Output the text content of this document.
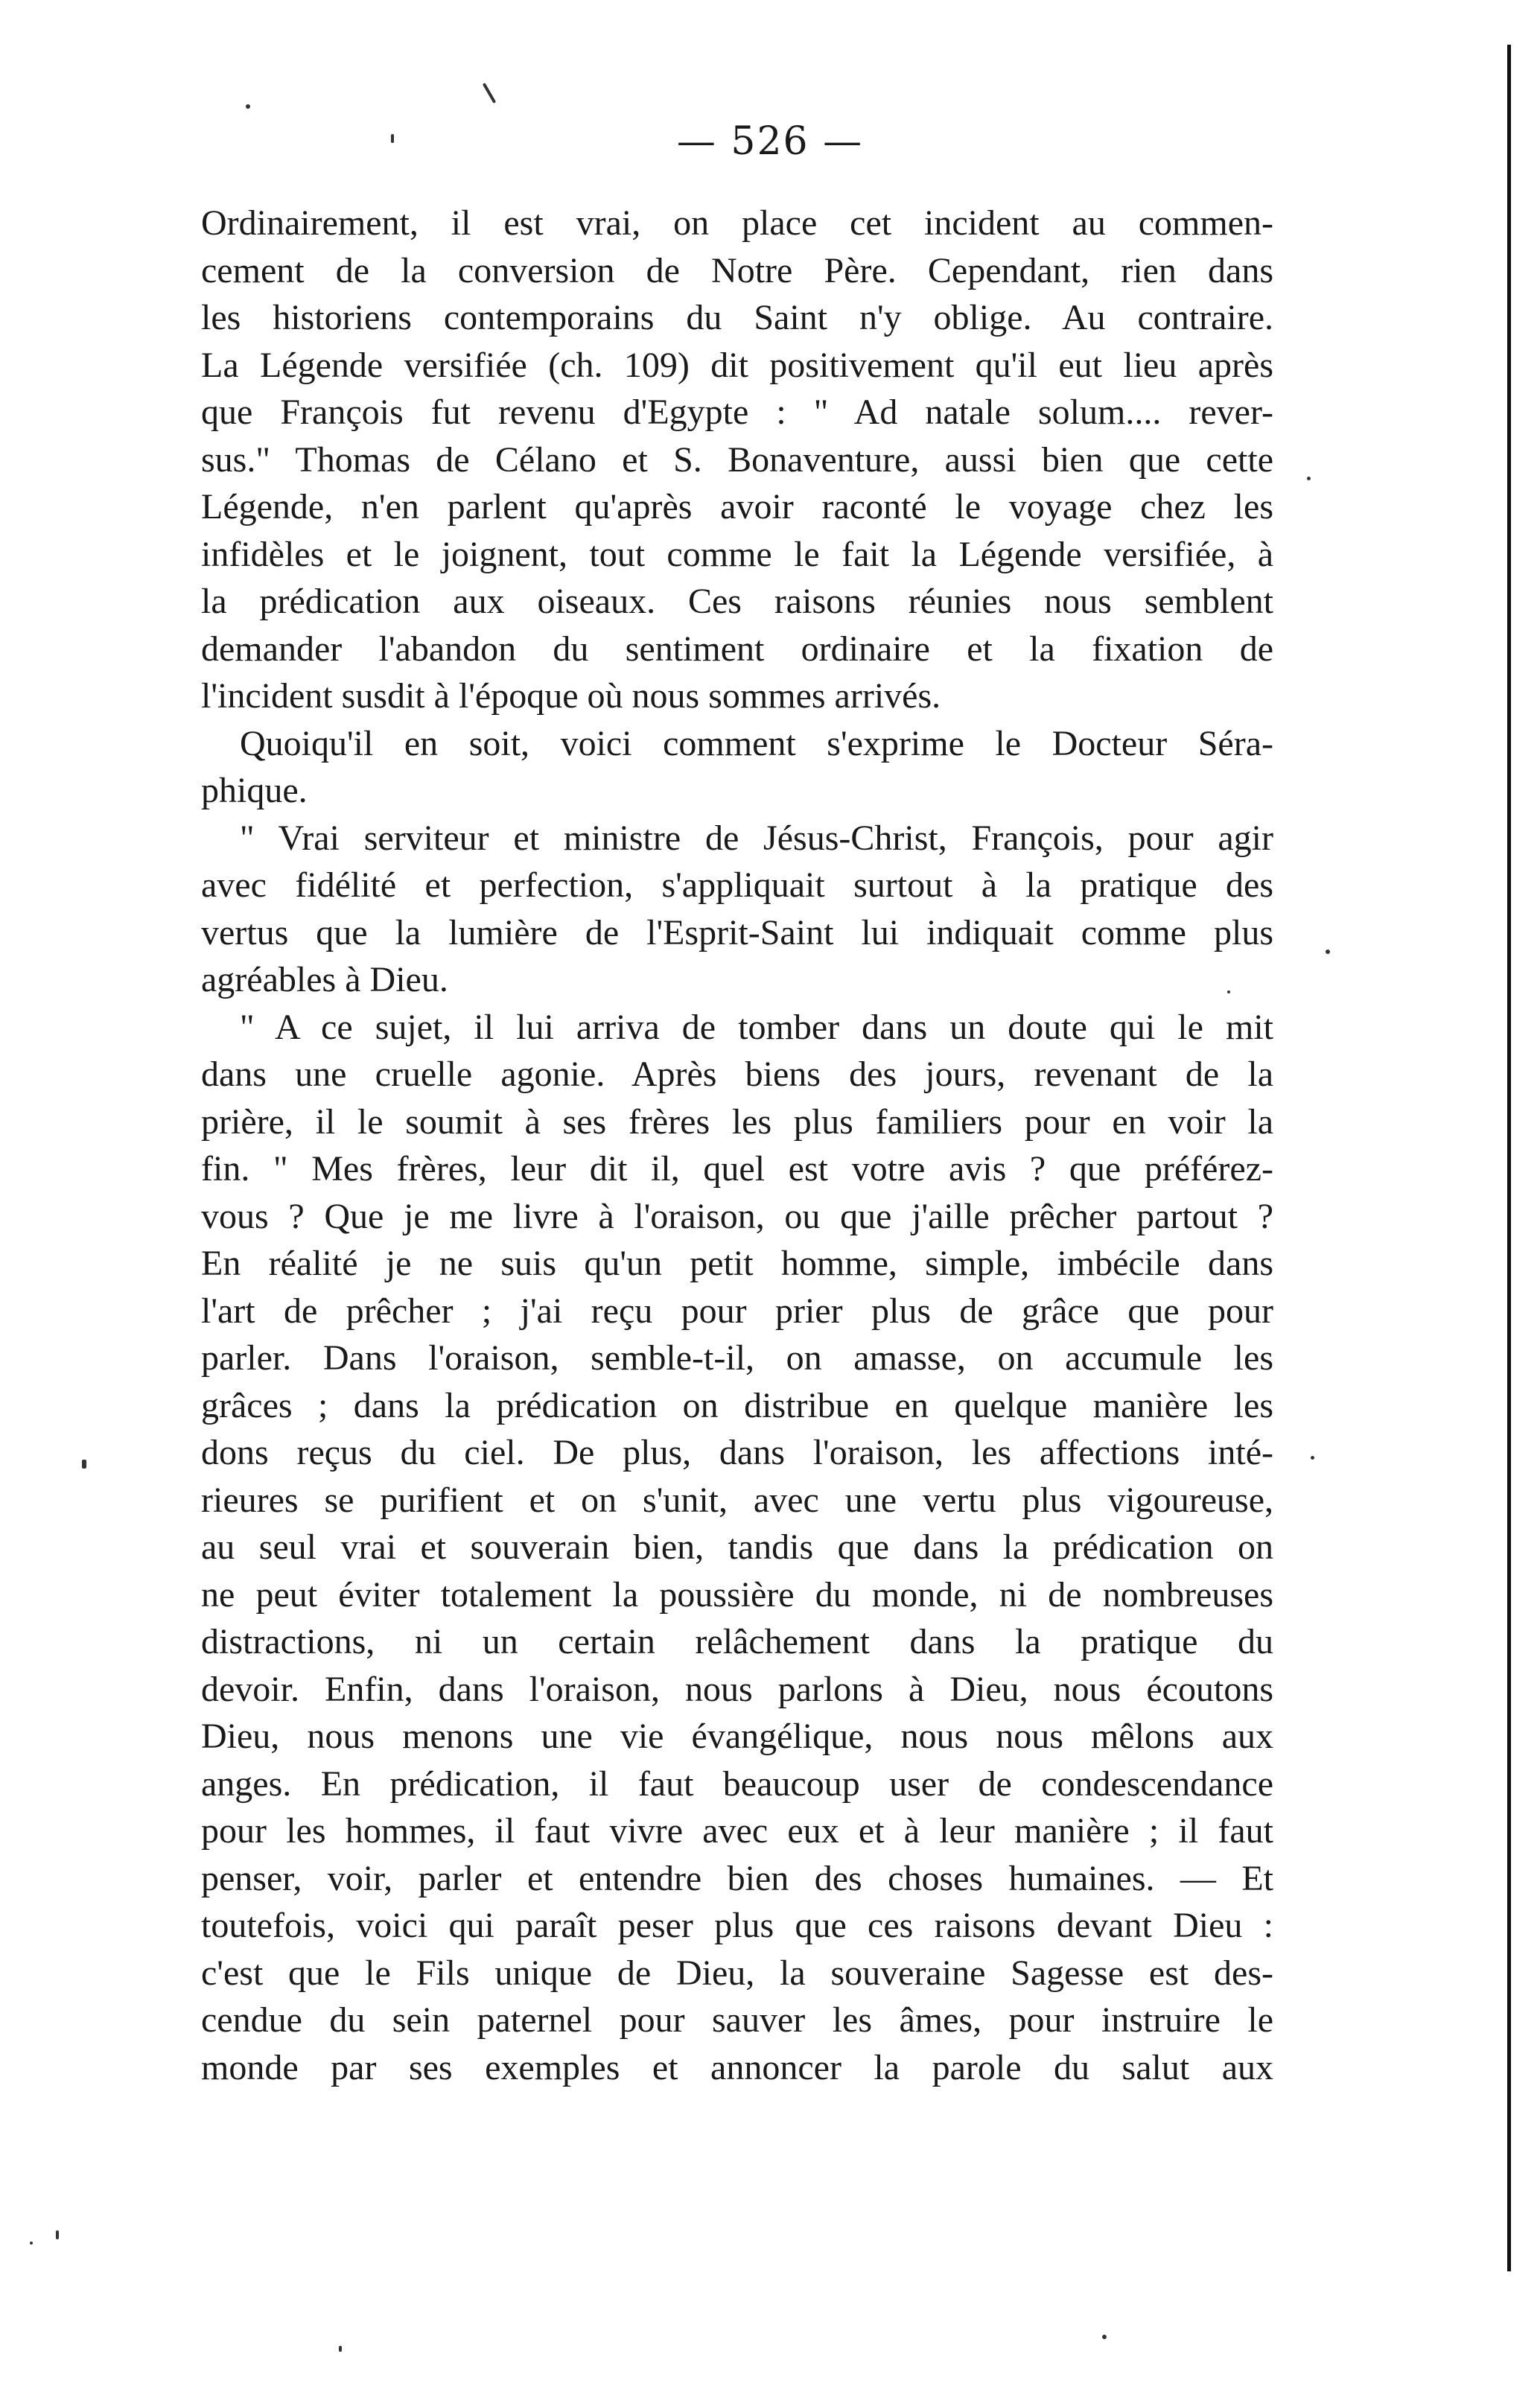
— 526 —
Ordinairement, il est vrai, on place cet incident au commen-
cement de la conversion de Notre Père. Cependant, rien dans
les historiens contemporains du Saint n'y oblige. Au contraire.
La Légende versifiée (ch. 109) dit positivement qu'il eut lieu après
que François fut revenu d'Egypte : " Ad natale solum.... rever-
sus." Thomas de Célano et S. Bonaventure, aussi bien que cette
Légende, n'en parlent qu'après avoir raconté le voyage chez les
infidèles et le joignent, tout comme le fait la Légende versifiée, à
la prédication aux oiseaux. Ces raisons réunies nous semblent
demander l'abandon du sentiment ordinaire et la fixation de
l'incident susdit à l'époque où nous sommes arrivés.
Quoiqu'il en soit, voici comment s'exprime le Docteur Séra-
phique.
" Vrai serviteur et ministre de Jésus-Christ, François, pour agir
avec fidélité et perfection, s'appliquait surtout à la pratique des
vertus que la lumière de l'Esprit-Saint lui indiquait comme plus
agréables à Dieu.
" A ce sujet, il lui arriva de tomber dans un doute qui le mit
dans une cruelle agonie. Après biens des jours, revenant de la
prière, il le soumit à ses frères les plus familiers pour en voir la
fin. " Mes frères, leur dit il, quel est votre avis ? que préférez-
vous ? Que je me livre à l'oraison, ou que j'aille prêcher partout ?
En réalité je ne suis qu'un petit homme, simple, imbécile dans
l'art de prêcher ; j'ai reçu pour prier plus de grâce que pour
parler. Dans l'oraison, semble-t-il, on amasse, on accumule les
grâces ; dans la prédication on distribue en quelque manière les
dons reçus du ciel. De plus, dans l'oraison, les affections inté-
rieures se purifient et on s'unit, avec une vertu plus vigoureuse,
au seul vrai et souverain bien, tandis que dans la prédication on
ne peut éviter totalement la poussière du monde, ni de nombreuses
distractions, ni un certain relâchement dans la pratique du
devoir. Enfin, dans l'oraison, nous parlons à Dieu, nous écoutons
Dieu, nous menons une vie évangélique, nous nous mêlons aux
anges. En prédication, il faut beaucoup user de condescendance
pour les hommes, il faut vivre avec eux et à leur manière ; il faut
penser, voir, parler et entendre bien des choses humaines. — Et
toutefois, voici qui paraît peser plus que ces raisons devant Dieu :
c'est que le Fils unique de Dieu, la souveraine Sagesse est des-
cendue du sein paternel pour sauver les âmes, pour instruire le
monde par ses exemples et annoncer la parole du salut aux
